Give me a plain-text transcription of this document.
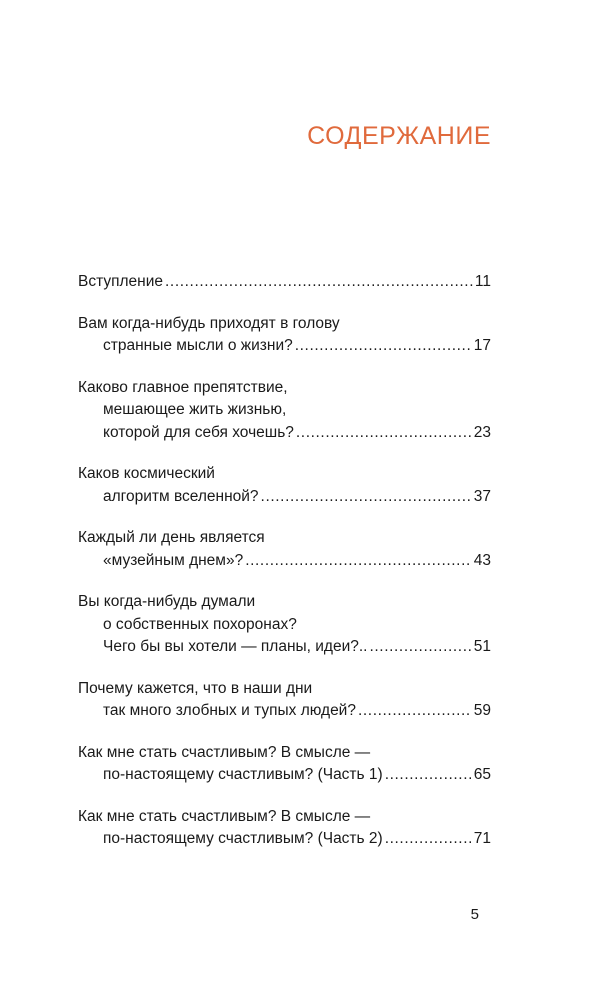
СОДЕРЖАНИЕ
Вступление .....	11
Вам когда-нибудь приходят в голову
странные мысли о жизни? .....	17
Каково главное препятствие,
мешающее жить жизнью,
которой для себя хочешь? .....	23
Каков космический
алгоритм вселенной? .....	37
Каждый ли день является
«музейным днем»? .....	43
Вы когда-нибудь думали
о собственных похоронах?
Чего бы вы хотели — планы, идеи?.. .....	51
Почему кажется, что в наши дни
так много злобных и тупых людей? .....	59
Как мне стать счастливым? В смысле —
по-настоящему счастливым? (Часть 1) .....	65
Как мне стать счастливым? В смысле —
по-настоящему счастливым? (Часть 2) .....	71
5
